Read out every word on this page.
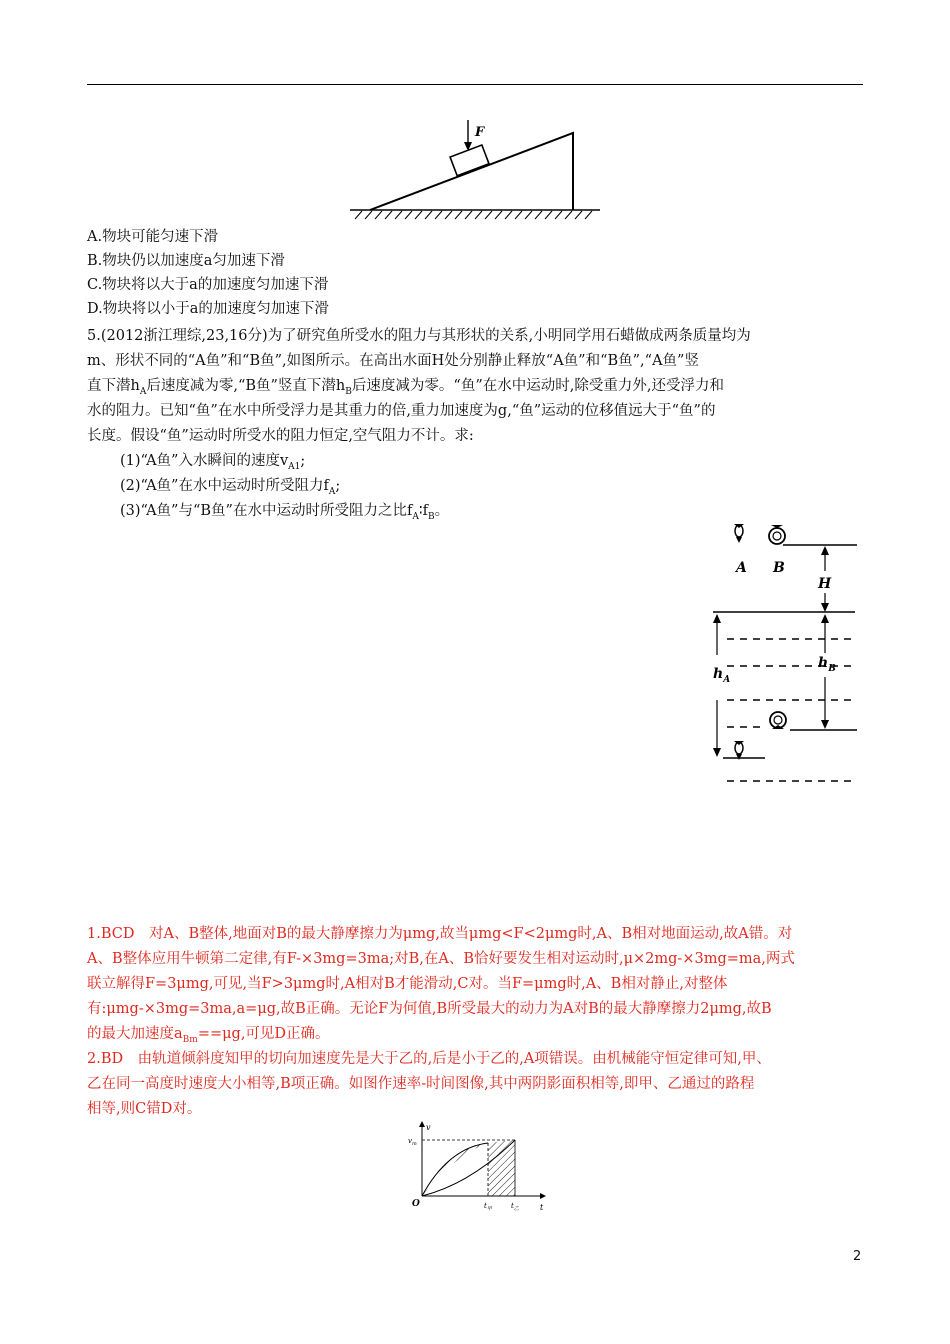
F
A.物块可能匀速下滑
B.物块仍以加速度a匀加速下滑
C.物块将以大于a的加速度匀加速下滑
D.物块将以小于a的加速度匀加速下滑
5.(2012浙江理综,23,16分)为了研究鱼所受水的阻力与其形状的关系,小明同学用石蜡做成两条质量均为
m、形状不同的“A鱼”和“B鱼”,如图所示。在高出水面H处分别静止释放“A鱼”和“B鱼”,“A鱼”竖
直下潜$h_A$后速度减为零,“B鱼”竖直下潜$h_B$后速度减为零。“鱼”在水中运动时,除受重力外,还受浮力和
水的阻力。已知“鱼”在水中所受浮力是其重力的倍,重力加速度为g,“鱼”运动的位移值远大于“鱼”的
长度。假设“鱼”运动时所受水的阻力恒定,空气阻力不计。求:
(1)“A鱼”入水瞬间的速度$v_{A1}$;
(2)“A鱼”在水中运动时所受阻力$f_A$;
(3)“A鱼”与“B鱼”在水中运动时所受阻力之比$f_A∶f_B$。
A B
H
$h_A$
$h_B$
1.BCD　对A、B整体,地面对B的最大静摩擦力为μmg,故当μmg<F<2μmg时,A、B相对地面运动,故A错。对
A、B整体应用牛顿第二定律,有F-×3mg=3ma;对B,在A、B恰好要发生相对运动时,μ×2mg-×3mg=ma,两式
联立解得F=3μmg,可见,当F>3μmg时,A相对B才能滑动,C对。当F=μmg时,A、B相对静止,对整体
有:μmg-×3mg=3ma,a=μg,故B正确。无论F为何值,B所受最大的动力为A对B的最大静摩擦力2μmg,故B
的最大加速度$a_{Bm}==\mu g$,可见D正确。
2.BD　由轨道倾斜度知甲的切向加速度先是大于乙的,后是小于乙的,A项错误。由机械能守恒定律可知,甲、
乙在同一高度时速度大小相等,B项正确。如图作速率-时间图像,其中两阴影面积相等,即甲、乙通过的路程
相等,则C错D对。
v
t
O
$v_m$
$t_甲$	$t_乙$
2
